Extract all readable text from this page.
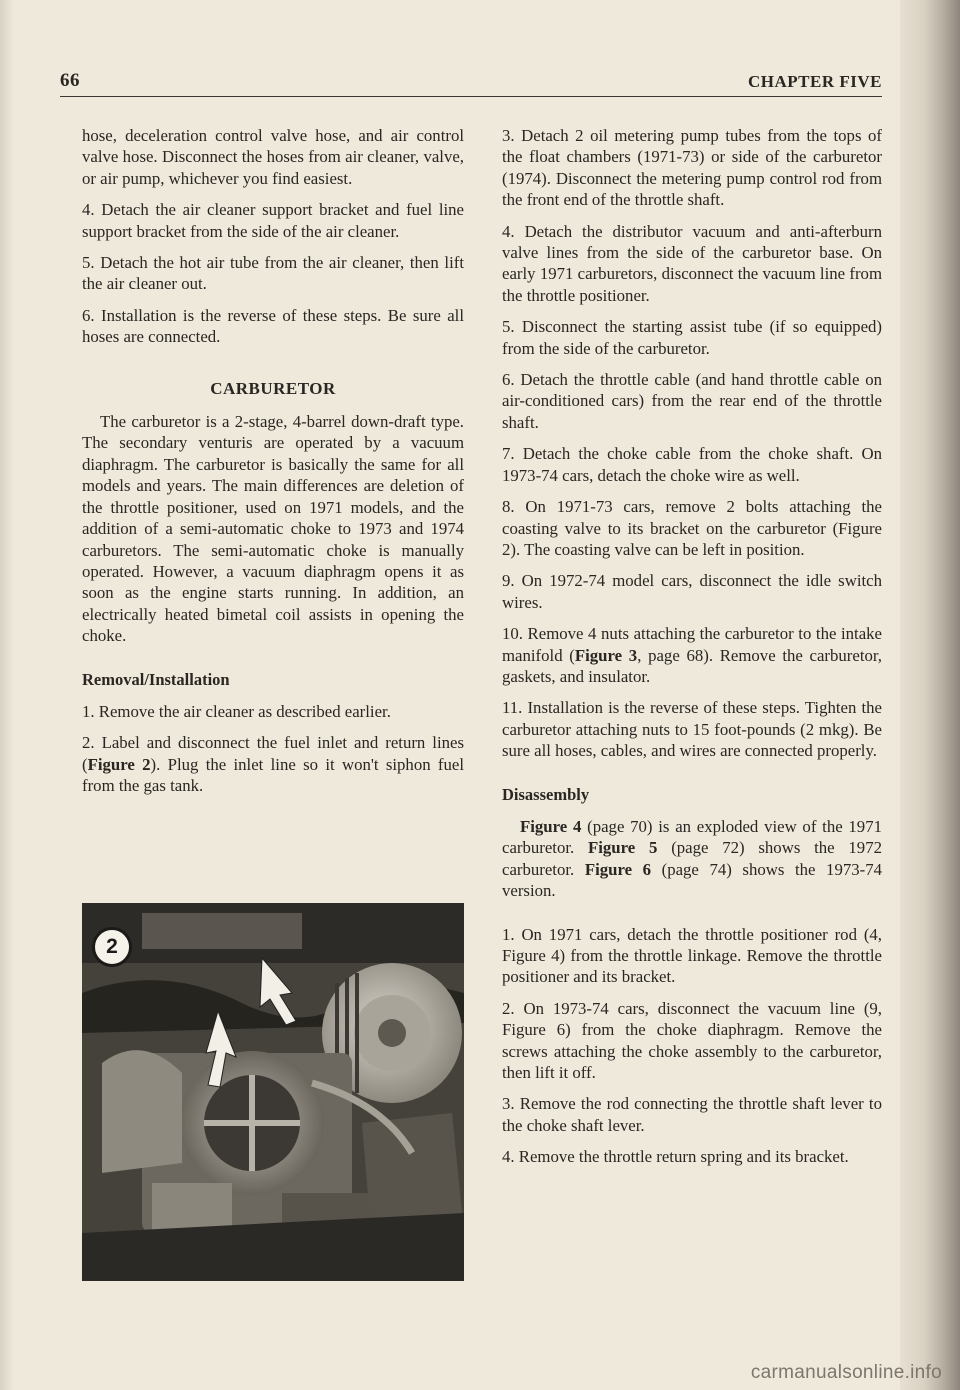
66	CHAPTER FIVE

hose, deceleration control valve hose, and air control valve hose. Disconnect the hoses from air cleaner, valve, or air pump, whichever you find easiest.

4. Detach the air cleaner support bracket and fuel line support bracket from the side of the air cleaner.

5. Detach the hot air tube from the air cleaner, then lift the air cleaner out.

6. Installation is the reverse of these steps. Be sure all hoses are connected.

CARBURETOR

The carburetor is a 2-stage, 4-barrel down-draft type. The secondary venturis are operated by a vacuum diaphragm. The carburetor is basically the same for all models and years. The main differences are deletion of the throttle positioner, used on 1971 models, and the addition of a semi-automatic choke to 1973 and 1974 carburetors. The semi-automatic choke is manually operated. However, a vacuum diaphragm opens it as soon as the engine starts running. In addition, an electrically heated bimetal coil assists in opening the choke.

Removal/Installation

1. Remove the air cleaner as described earlier.

2. Label and disconnect the fuel inlet and return lines (Figure 2). Plug the inlet line so it won't siphon fuel from the gas tank.

2

3. Detach 2 oil metering pump tubes from the tops of the float chambers (1971-73) or side of the carburetor (1974). Disconnect the metering pump control rod from the front end of the throttle shaft.

4. Detach the distributor vacuum and anti-afterburn valve lines from the side of the carburetor base. On early 1971 carburetors, disconnect the vacuum line from the throttle positioner.

5. Disconnect the starting assist tube (if so equipped) from the side of the carburetor.

6. Detach the throttle cable (and hand throttle cable on air-conditioned cars) from the rear end of the throttle shaft.

7. Detach the choke cable from the choke shaft. On 1973-74 cars, detach the choke wire as well.

8. On 1971-73 cars, remove 2 bolts attaching the coasting valve to its bracket on the carburetor (Figure 2). The coasting valve can be left in position.

9. On 1972-74 model cars, disconnect the idle switch wires.

10. Remove 4 nuts attaching the carburetor to the intake manifold (Figure 3, page 68). Remove the carburetor, gaskets, and insulator.

11. Installation is the reverse of these steps. Tighten the carburetor attaching nuts to 15 foot-pounds (2 mkg). Be sure all hoses, cables, and wires are connected properly.

Disassembly

Figure 4 (page 70) is an exploded view of the 1971 carburetor. Figure 5 (page 72) shows the 1972 carburetor. Figure 6 (page 74) shows the 1973-74 version.

1. On 1971 cars, detach the throttle positioner rod (4, Figure 4) from the throttle linkage. Remove the throttle positioner and its bracket.

2. On 1973-74 cars, disconnect the vacuum line (9, Figure 6) from the choke diaphragm. Remove the screws attaching the choke assembly to the carburetor, then lift it off.

3. Remove the rod connecting the throttle shaft lever to the choke shaft lever.

4. Remove the throttle return spring and its bracket.

carmanualsonline.info
